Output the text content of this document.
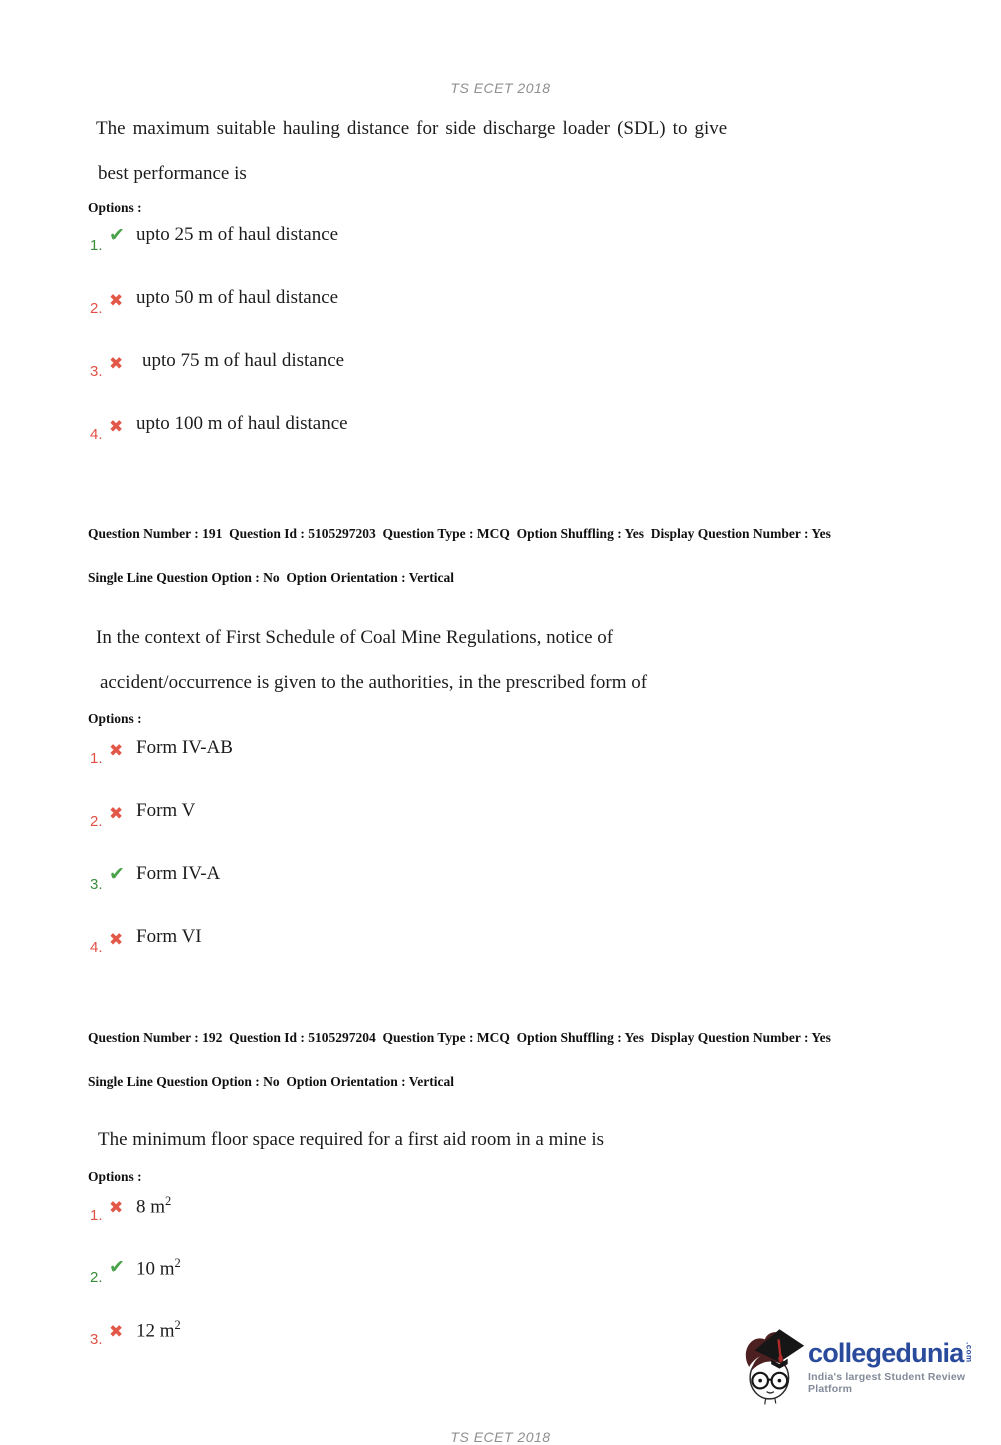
TS ECET 2018
The maximum suitable hauling distance for side discharge loader (SDL) to give
best performance is
Options :
1. ✔ upto 25 m of haul distance
2. ✖ upto 50 m of haul distance
3. ✖ upto 75 m of haul distance
4. ✖ upto 100 m of haul distance

Question Number : 191  Question Id : 5105297203  Question Type : MCQ  Option Shuffling : Yes  Display Question Number : Yes

Single Line Question Option : No  Option Orientation : Vertical

In the context of First Schedule of Coal Mine Regulations, notice of
accident/occurrence is given to the authorities, in the prescribed form of
Options :
1. ✖ Form IV-AB
2. ✖ Form V
3. ✔ Form IV-A
4. ✖ Form VI

Question Number : 192  Question Id : 5105297204  Question Type : MCQ  Option Shuffling : Yes  Display Question Number : Yes

Single Line Question Option : No  Option Orientation : Vertical

The minimum floor space required for a first aid room in a mine is
Options :
1. ✖ 8 $m^2$
2. ✔ 10 $m^2$
3. ✖ 12 $m^2$
TS ECET 2018
collegedunia .com
India's largest Student Review Platform
